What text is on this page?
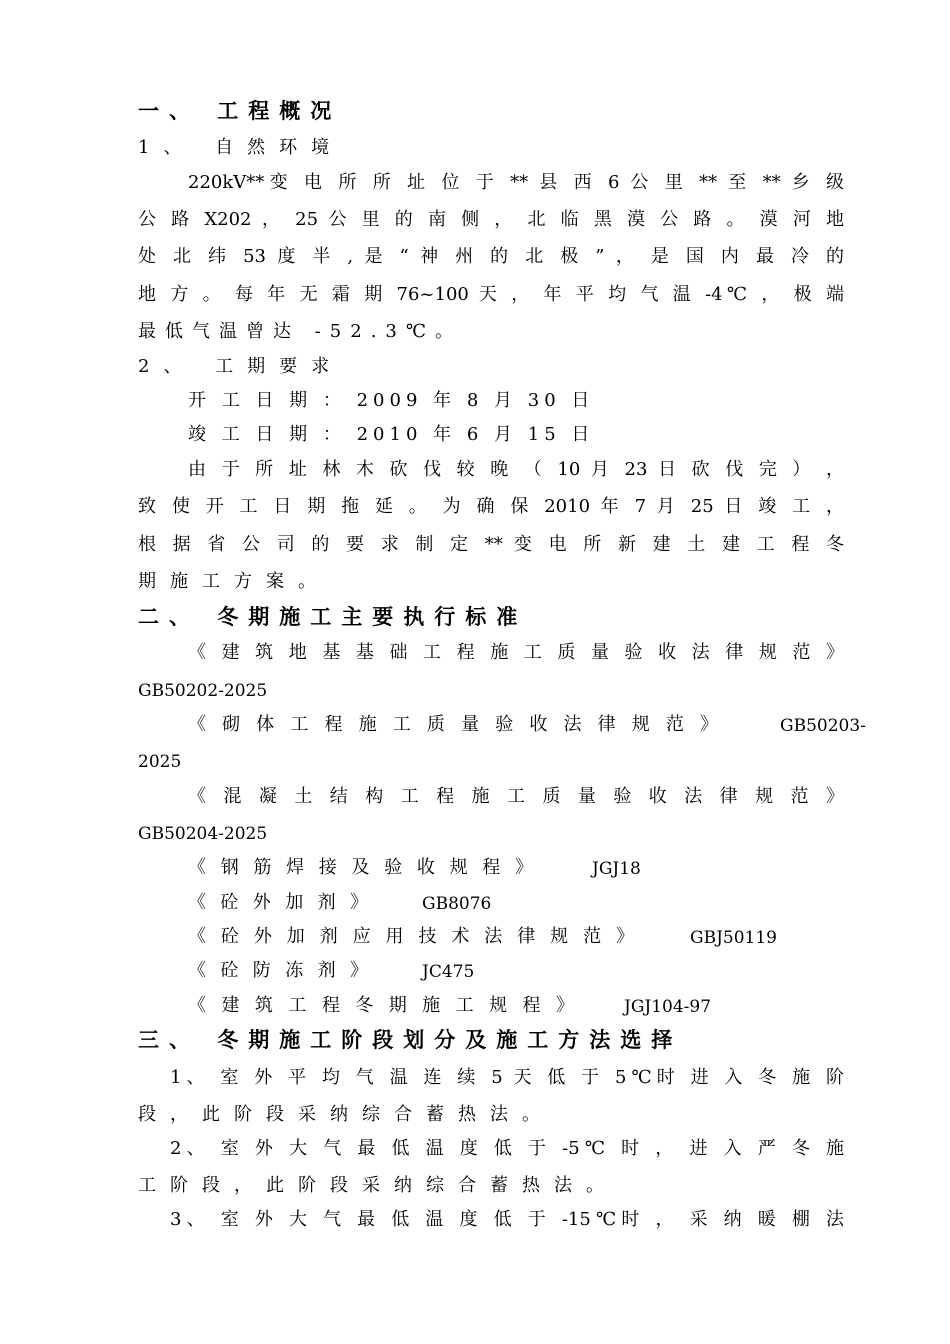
一、 工程概况
1、 自然环境
220kV**变 电 所 所 址 位 于 ** 县 西 6 公 里 ** 至 ** 乡 级
公 路 X202 ， 25 公 里 的 南 侧 ， 北 临 黑 漠 公 路 。 漠 河 地
处 北 纬 53 度 半 , 是 “ 神 州 的 北 极 ” ， 是 国 内 最 冷 的
地 方 。 每 年 无 霜 期 76~100 天 ， 年 平 均 气 温 -4℃ ， 极 端
最低气温曾达 -52.3℃。
2、 工期要求
开 工 日 期 ： 2009 年 8 月 30 日
竣 工 日 期 ： 2010 年 6 月 15 日
由 于 所 址 林 木 砍 伐 较 晚 （ 10 月 23 日 砍 伐 完 ） ，
致 使 开 工 日 期 拖 延 。 为 确 保 2010 年 7 月 25 日 竣 工 ，
根 据 省 公 司 的 要 求 制 定 ** 变 电 所 新 建 土 建 工 程 冬
期施工方案。
二、 冬期施工主要执行标准
《 建 筑 地 基 基 础 工 程 施 工 质 量 验 收 法 律 规 范 》
GB50202-2025
《 砌 体 工 程 施 工 质 量 验 收 法 律 规 范 》	GB50203-
2025
《 混 凝 土 结 构 工 程 施 工 质 量 验 收 法 律 规 范 》
GB50204-2025
《钢筋焊接及验收规程》	JGJ18
《砼外加剂》	GB8076
《砼外加剂应用技术法律规范》	GBJ50119
《砼防冻剂》	JC475
《建筑工程冬期施工规程》	JGJ104-97
三、 冬期施工阶段划分及施工方法选择
1、 室 外 平 均 气 温 连 续 5 天 低 于 5℃时 进 入 冬 施 阶
段，此阶段采纳综合蓄热法。
2、 室 外 大 气 最 低 温 度 低 于 -5℃ 时 ， 进 入 严 冬 施
工阶段，此阶段采纳综合蓄热法。
3、 室 外 大 气 最 低 温 度 低 于 -15℃时 ， 采 纳 暖 棚 法
